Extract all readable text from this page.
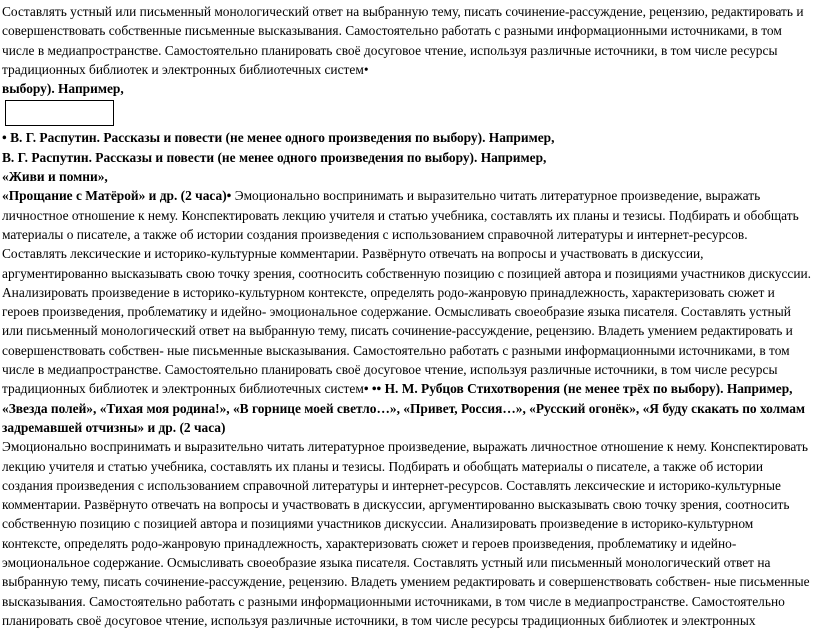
Составлять устный или письменный монологический ответ на выбранную тему, писать сочинение-рассуждение, рецензию, редактировать и совершенствовать собственные письменные высказывания. Самостоятельно работать с разными информационными источниками, в том числе в медиапространстве. Самостоятельно планировать своё досуговое чтение, используя различные источники, в том числе ресурсы традиционных библиотек и электронных библиотечных систем•

выбору). Например,

• В. Г. Распутин. Рассказы и повести (не менее одного произведения по выбору). Например,

В. Г. Распутин. Рассказы и повести (не менее одного произведения по выбору). Например,

«Живи и помни»,

«Прощание с Матёрой» и др. (2 часа)• Эмоционально воспринимать и выразительно читать литературное произведение, выражать личностное отношение к нему. Конспектировать лекцию учителя и статью учебника, составлять их планы и тезисы. Подбирать и обобщать материалы о писателе, а также об истории создания произведения с использованием справочной литературы и интернет-ресурсов. Составлять лексические и историко-культурные комментарии. Развёрнуто отвечать на вопросы и участвовать в дискуссии, аргументированно высказывать свою точку зрения, соотносить собственную позицию с позицией автора и позициями участников дискуссии. Анализировать произведение в историко-культурном контексте, определять родо-жанровую принадлежность, характеризовать сюжет и героев произведения, проблематику и идейно- эмоциональное содержание. Осмысливать своеобразие языка писателя. Составлять устный или письменный монологический ответ на выбранную тему, писать сочинение-рассуждение, рецензию. Владеть умением редактировать и совершенствовать собствен- ные письменные высказывания. Самостоятельно работать с разными информационными источниками, в том числе в медиапространстве. Самостоятельно планировать своё досуговое чтение, используя различные источники, в том числе ресурсы традиционных библиотек и электронных библиотечных систем• •• Н. М. Рубцов Стихотворения (не менее трёх по выбору). Например, «Звезда полей», «Тихая моя родина!», «В горнице моей светло…», «Привет, Россия…», «Русский огонёк», «Я буду скакать по холмам задремавшей отчизны» и др. (2 часа)

Эмоционально воспринимать и выразительно читать литературное произведение, выражать личностное отношение к нему. Конспектировать лекцию учителя и статью учебника, составлять их планы и тезисы. Подбирать и обобщать материалы о писателе, а также об истории создания произведения с использованием справочной литературы и интернет-ресурсов. Составлять лексические и историко-культурные комментарии. Развёрнуто отвечать на вопросы и участвовать в дискуссии, аргументированно высказывать свою точку зрения, соотносить собственную позицию с позицией автора и позициями участников дискуссии. Анализировать произведение в историко-культурном контексте, определять родо-жанровую принадлежность, характеризовать сюжет и героев произведения, проблематику и идейно- эмоциональное содержание. Осмысливать своеобразие языка писателя. Составлять устный или письменный монологический ответ на выбранную тему, писать сочинение-рассуждение, рецензию. Владеть умением редактировать и совершенствовать собствен- ные письменные высказывания. Самостоятельно работать с разными информационными источниками, в том числе в медиапространстве. Самостоятельно планировать своё досуговое чтение, используя различные источники, в том числе ресурсы традиционных библиотек и электронных
